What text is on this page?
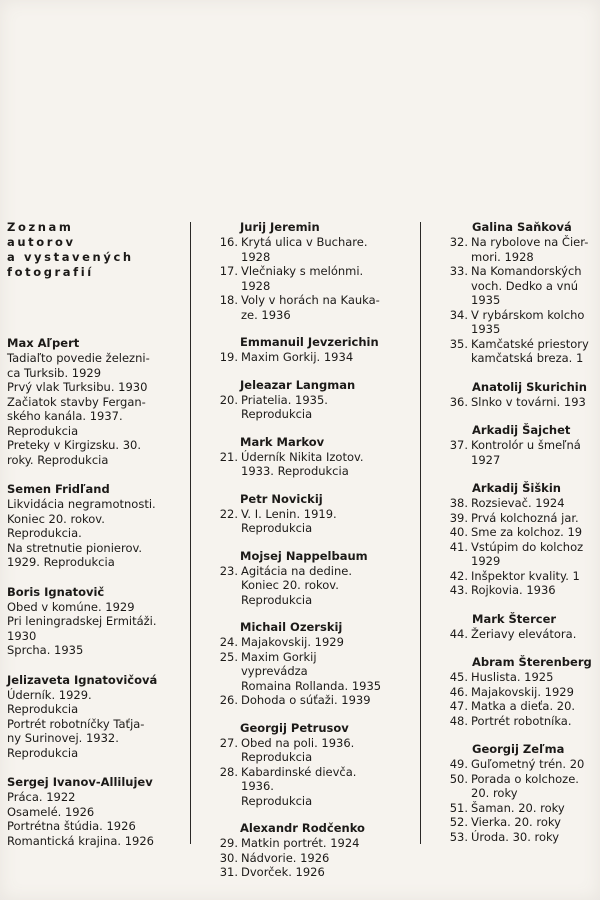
Zoznam
autorov
a vystavených
fotografií
Max Aľpert
Tadiaľto povedie železni-
ca Turksib. 1929
Prvý vlak Turksibu. 1930
Začiatok stavby Fergan-
ského kanála. 1937.
Reprodukcia
Preteky v Kirgizsku. 30.
roky. Reprodukcia
Semen Fridľand
Likvidácia negramotnosti.
Koniec 20. rokov.
Reprodukcia.
Na stretnutie pionierov.
1929. Reprodukcia
Boris Ignatovič
Obed v komúne. 1929
Pri leningradskej Ermitáži.
1930
Sprcha. 1935
Jelizaveta Ignatovičová
Úderník. 1929.
Reprodukcia
Portrét robotníčky Taťja-
ny Surinovej. 1932.
Reprodukcia
Sergej Ivanov-Allilujev
Práca. 1922
Osamelé. 1926
Portrétna štúdia. 1926
Romantická krajina. 1926
Jurij Jeremin
16. Krytá ulica v Buchare.
1928
17. Vlečniaky s melónmi.
1928
18. Voly v horách na Kauka-
ze. 1936
Emmanuil Jevzerichin
19. Maxim Gorkij. 1934
Jeleazar Langman
20. Priatelia. 1935.
Reprodukcia
Mark Markov
21. Úderník Nikita Izotov.
1933. Reprodukcia
Petr Novickij
22. V. I. Lenin. 1919.
Reprodukcia
Mojsej Nappelbaum
23. Agitácia na dedine.
Koniec 20. rokov.
Reprodukcia
Michail Ozerskij
24. Majakovskij. 1929
25. Maxim Gorkij vyprevádza
Romaina Rollanda. 1935
26. Dohoda o súťaži. 1939
Georgij Petrusov
27. Obed na poli. 1936.
Reprodukcia
28. Kabardinské dievča. 1936.
Reprodukcia
Alexandr Rodčenko
29. Matkin portrét. 1924
30. Nádvorie. 1926
31. Dvorček. 1926
Galina Saňková
32. Na rybolove na Čier-
mori. 1928
33. Na Komandorských
voch. Dedko a vnú
1935
34. V rybárskom kolcho
1935
35. Kamčatské priestory
kamčatská breza. 1
Anatolij Skurichin
36. Slnko v továrni. 193
Arkadij Šajchet
37. Kontrolór u šmeľná
1927
Arkadij Šiškin
38. Rozsievač. 1924
39. Prvá kolchozná jar.
40. Sme za kolchoz. 19
41. Vstúpim do kolchoz
1929
42. Inšpektor kvality. 1
43. Rojkovia. 1936
Mark Štercer
44. Žeriavy elevátora.
Abram Šterenberg
45. Huslista. 1925
46. Majakovskij. 1929
47. Matka a dieťa. 20.
48. Portrét robotníka.
Georgij Zeľma
49. Guľometný trén. 20
50. Porada o kolchoze.
20. roky
51. Šaman. 20. roky
52. Vierka. 20. roky
53. Úroda. 30. roky
